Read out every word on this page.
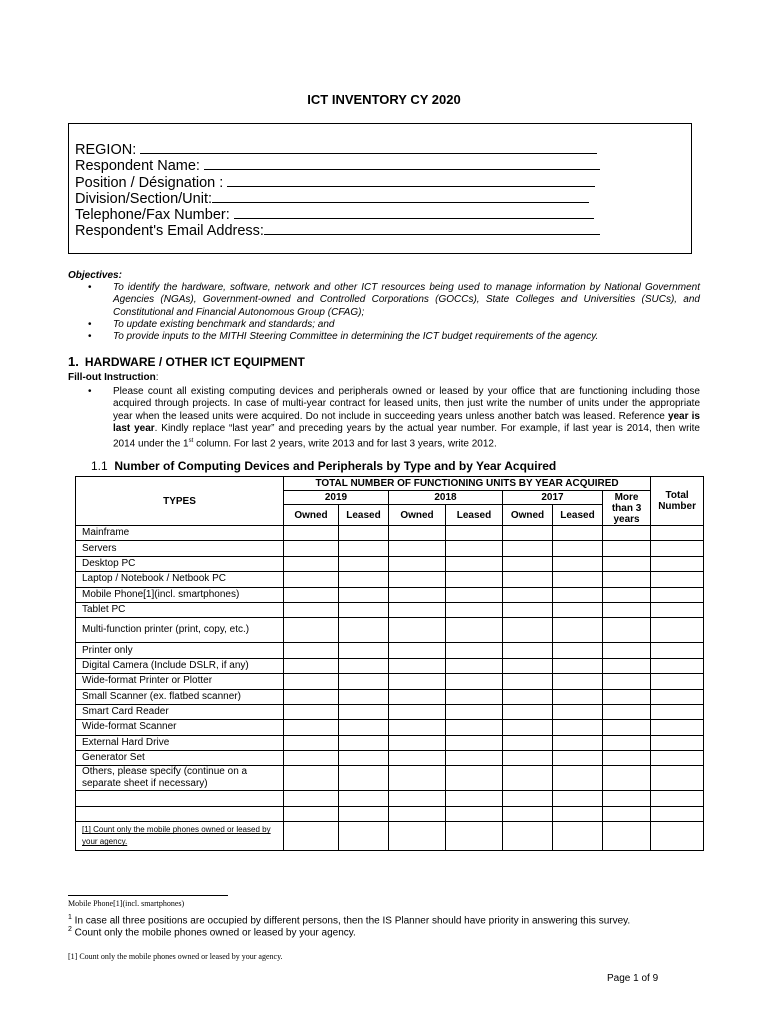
ICT INVENTORY CY 2020
REGION:
Respondent Name:
Position / Désignation :
Division/Section/Unit:
Telephone/Fax Number:
Respondent's Email Address:
Objectives:
• To identify the hardware, software, network and other ICT resources being used to manage information by National Government Agencies (NGAs), Government-owned and Controlled Corporations (GOCCs), State Colleges and Universities (SUCs), and Constitutional and Financial Autonomous Group (CFAG);
• To update existing benchmark and standards; and
• To provide inputs to the MITHI Steering Committee in determining the ICT budget requirements of the agency.
1. HARDWARE / OTHER ICT EQUIPMENT
Fill-out Instruction:
• Please count all existing computing devices and peripherals owned or leased by your office that are functioning including those acquired through projects. In case of multi-year contract for leased units, then just write the number of units under the appropriate year when the leased units were acquired. Do not include in succeeding years unless another batch was leased. Reference year is last year. Kindly replace “last year” and preceding years by the actual year number. For example, if last year is 2014, then write 2014 under the 1st column. For last 2 years, write 2013 and for last 3 years, write 2012.
1.1 Number of Computing Devices and Peripherals by Type and by Year Acquired
TYPES	TOTAL NUMBER OF FUNCTIONING UNITS BY YEAR ACQUIRED							Total Number
	2019		2018		2017		More than 3 years	
	Owned	Leased	Owned	Leased	Owned	Leased		
Mainframe								
Servers								
Desktop PC								
Laptop / Notebook / Netbook PC								
Mobile Phone[1](incl. smartphones)								
Tablet PC								
Multi-function printer (print, copy, etc.)								
Printer only								
Digital Camera (Include DSLR, if any)								
Wide-format Printer or Plotter								
Small Scanner (ex. flatbed scanner)								
Smart Card Reader								
Wide-format Scanner								
External Hard Drive								
Generator Set								
Others, please specify (continue on a separate sheet if necessary)								

[1] Count only the mobile phones owned or leased by your agency.								
Mobile Phone[1](incl. smartphones)
$^1$ In case all three positions are occupied by different persons, then the IS Planner should have priority in answering this survey.
$^2$ Count only the mobile phones owned or leased by your agency.
[1] Count only the mobile phones owned or leased by your agency.
Page 1 of 9
